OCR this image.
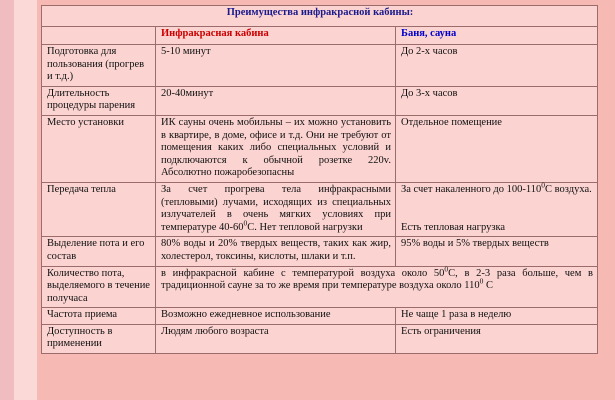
Преимущества инфракрасной кабины:		
	Инфракрасная кабина	Баня, сауна
Подготовка для пользования (прогрев и т.д.)	5-10 минут	До 2-х часов
Длительность процедуры парения	20-40минут	До 3-х часов
Место установки	ИК сауны очень мобильны – их можно установить в квартире, в доме, офисе и т.д. Они не требуют от помещения каких либо специальных условий и подключаются к обычной розетке 220v. Абсолютно пожаробезопасны	Отдельное помещение
Передача тепла	За счет прогрева тела инфракрасными (тепловыми) лучами, исходящих из специальных излучателей в очень мягких условиях при температуре $40-60^0С$. Нет тепловой нагрузки	За счет накаленного до $100-110^0С$ воздуха.

Есть тепловая нагрузка

Выделение пота и его состав	80% воды и 20% твердых веществ, таких как жир, холестерол, токсины, кислоты, шлаки и т.п.	95% воды и 5% твердых веществ
Количество пота, выделяемого в течение получаса	в инфракрасной кабине с температурой воздуха около $50^0С$, в 2-3 раза больше, чем в традиционной сауне за то же время при температуре воздуха около $110^0$ С	

Частота приема	Возможно ежедневное использование	Не чаще 1 раза в неделю
Доступность в применении	Людям любого возраста	Есть ограничения
